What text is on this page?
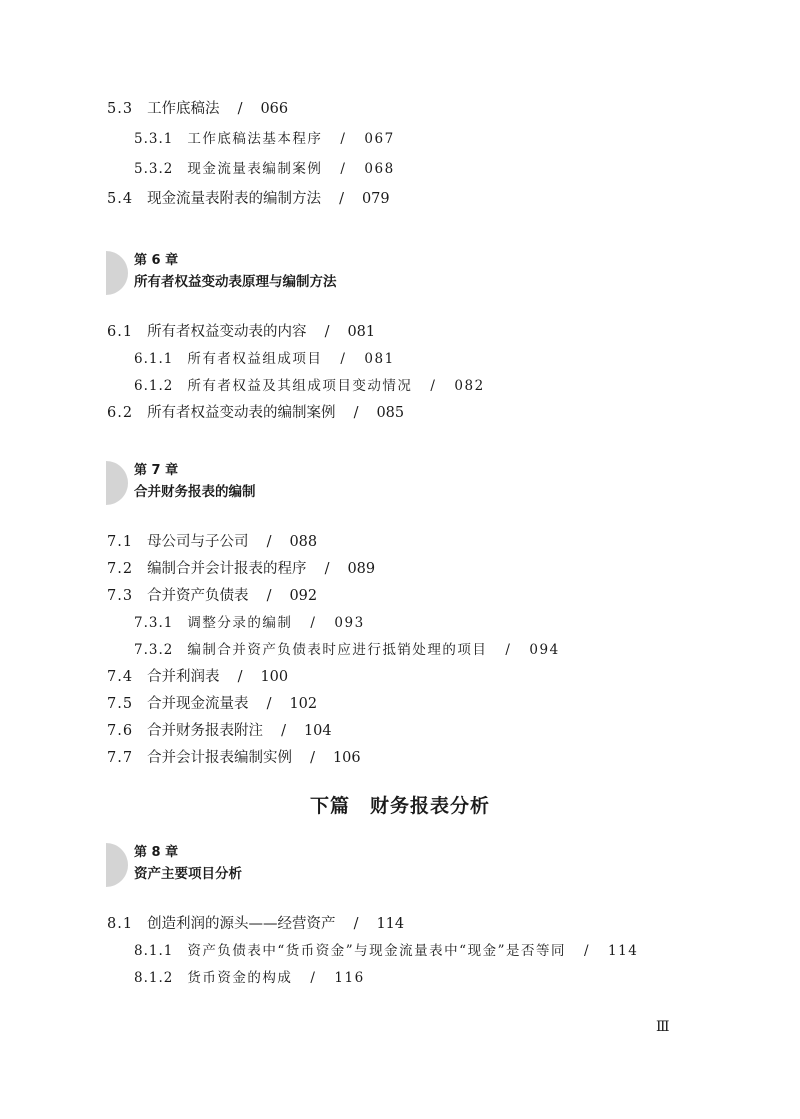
5.3 工作底稿法 / 066
5.3.1 工作底稿法基本程序 / 067
5.3.2 现金流量表编制案例 / 068
5.4 现金流量表附表的编制方法 / 079
第 6 章
所有者权益变动表原理与编制方法
6.1 所有者权益变动表的内容 / 081
6.1.1 所有者权益组成项目 / 081
6.1.2 所有者权益及其组成项目变动情况 / 082
6.2 所有者权益变动表的编制案例 / 085
第 7 章
合并财务报表的编制
7.1 母公司与子公司 / 088
7.2 编制合并会计报表的程序 / 089
7.3 合并资产负债表 / 092
7.3.1 调整分录的编制 / 093
7.3.2 编制合并资产负债表时应进行抵销处理的项目 / 094
7.4 合并利润表 / 100
7.5 合并现金流量表 / 102
7.6 合并财务报表附注 / 104
7.7 合并会计报表编制实例 / 106
下篇　财务报表分析
第 8 章
资产主要项目分析
8.1 创造利润的源头——经营资产 / 114
8.1.1 资产负债表中“货币资金”与现金流量表中“现金”是否等同 / 114
8.1.2 货币资金的构成 / 116
Ⅲ
